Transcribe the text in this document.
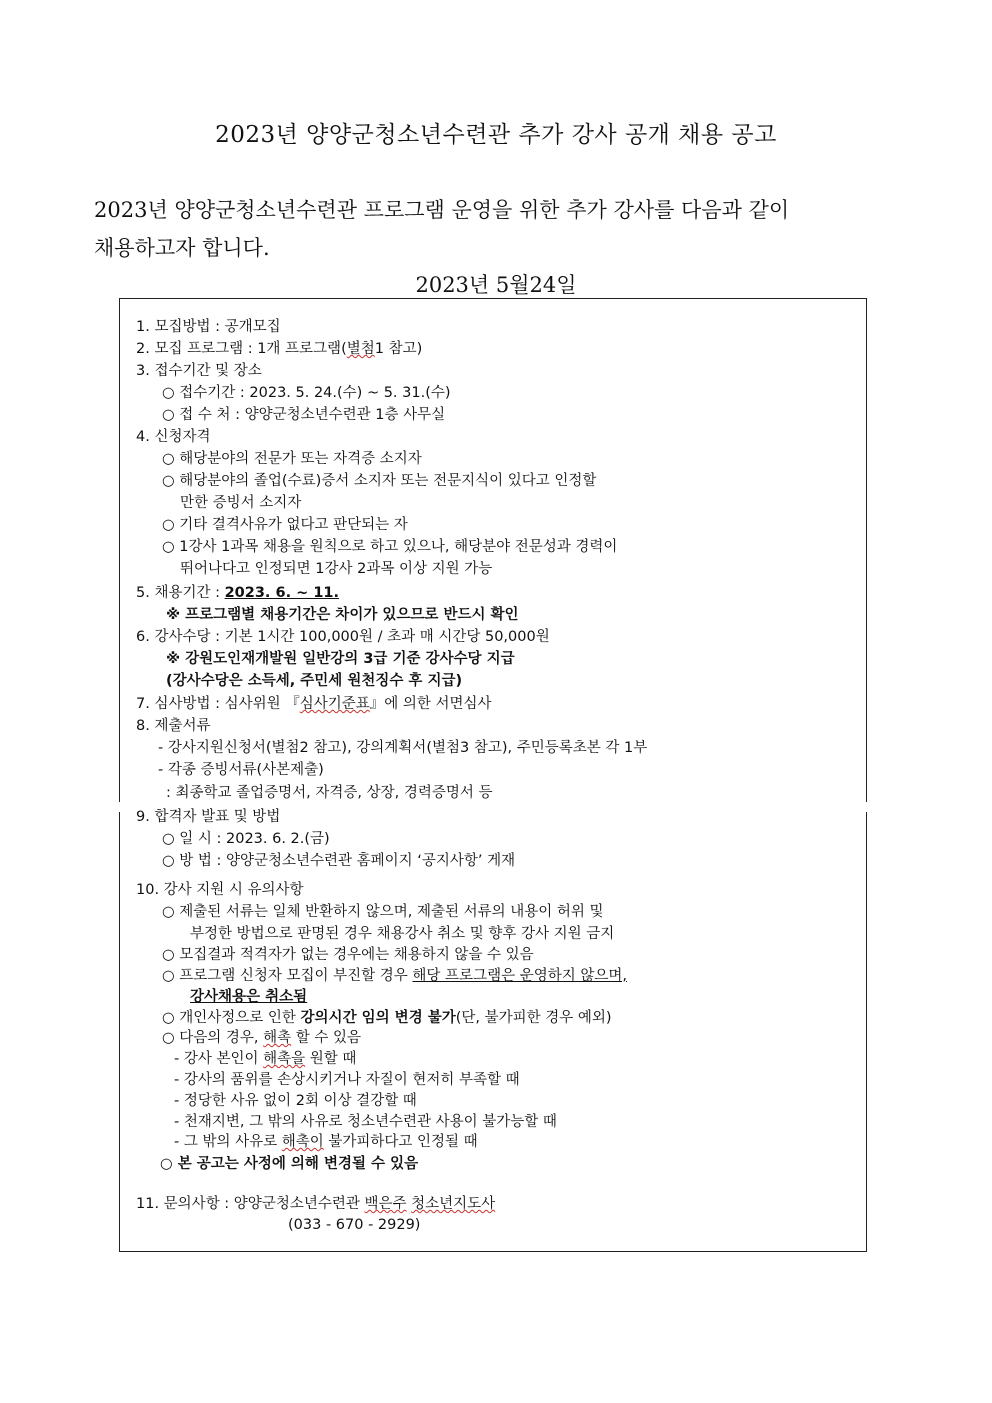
2023년 양양군청소년수련관 추가 강사 공개 채용 공고
2023년 양양군청소년수련관 프로그램 운영을 위한 추가 강사를 다음과 같이
채용하고자 합니다.
2023년 5월24일
1. 모집방법 : 공개모집
2. 모집 프로그램 : 1개 프로그램(별첨1 참고)
3. 접수기간 및 장소
○ 접수기간 : 2023. 5. 24.(수) ~ 5. 31.(수)
○ 접 수 처 : 양양군청소년수련관 1층 사무실
4. 신청자격
○ 해당분야의 전문가 또는 자격증 소지자
○ 해당분야의 졸업(수료)증서 소지자 또는 전문지식이 있다고 인정할
만한 증빙서 소지자
○ 기타 결격사유가 없다고 판단되는 자
○ 1강사 1과목 채용을 원칙으로 하고 있으나, 해당분야 전문성과 경력이
뛰어나다고 인정되면 1강사 2과목 이상 지원 가능
5. 채용기간 : 2023. 6. ~ 11.
※ 프로그램별 채용기간은 차이가 있으므로 반드시 확인
6. 강사수당 : 기본 1시간 100,000원 / 초과 매 시간당 50,000원
※ 강원도인재개발원 일반강의 3급 기준 강사수당 지급
(강사수당은 소득세, 주민세 원천징수 후 지급)
7. 심사방법 : 심사위원 『심사기준표』에 의한 서면심사
8. 제출서류
- 강사지원신청서(별첨2 참고), 강의계획서(별첨3 참고), 주민등록초본 각 1부
- 각종 증빙서류(사본제출)
: 최종학교 졸업증명서, 자격증, 상장, 경력증명서 등
9. 합격자 발표 및 방법
○ 일 시 : 2023. 6. 2.(금)
○ 방 법 : 양양군청소년수련관 홈페이지 ‘공지사항’ 게재
10. 강사 지원 시 유의사항
○ 제출된 서류는 일체 반환하지 않으며, 제출된 서류의 내용이 허위 및
부정한 방법으로 판명된 경우 채용강사 취소 및 향후 강사 지원 금지
○ 모집결과 적격자가 없는 경우에는 채용하지 않을 수 있음
○ 프로그램 신청자 모집이 부진할 경우 해당 프로그램은 운영하지 않으며,
강사채용은 취소됨
○ 개인사정으로 인한 강의시간 임의 변경 불가(단, 불가피한 경우 예외)
○ 다음의 경우, 해촉 할 수 있음
- 강사 본인이 해촉을 원할 때
- 강사의 품위를 손상시키거나 자질이 현저히 부족할 때
- 정당한 사유 없이 2회 이상 결강할 때
- 천재지변, 그 밖의 사유로 청소년수련관 사용이 불가능할 때
- 그 밖의 사유로 해촉이 불가피하다고 인정될 때
○ 본 공고는 사정에 의해 변경될 수 있음
11. 문의사항 : 양양군청소년수련관 백은주 청소년지도사
(033 - 670 - 2929)
